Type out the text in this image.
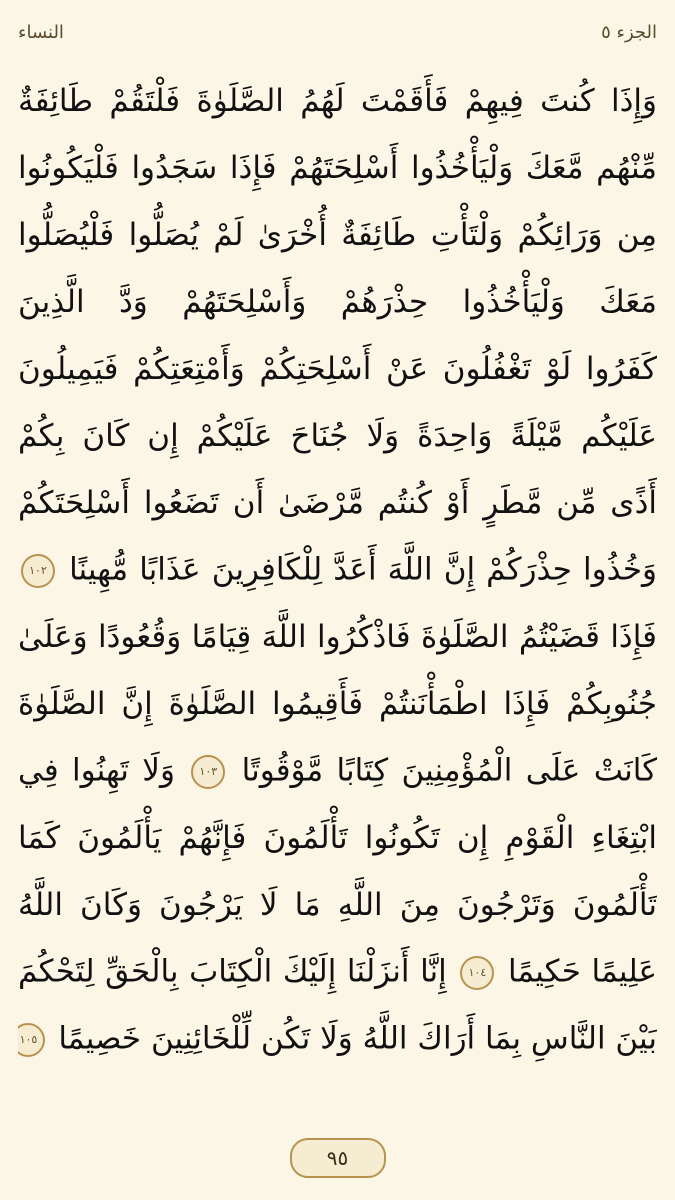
الجزء ٥
النساء
وَإِذَا كُنتَ فِيهِمْ فَأَقَمْتَ لَهُمُ الصَّلَوٰةَ فَلْتَقُمْ طَائِفَةٌ
مِّنْهُم مَّعَكَ وَلْيَأْخُذُوا أَسْلِحَتَهُمْ فَإِذَا سَجَدُوا فَلْيَكُونُوا
مِن وَرَائِكُمْ وَلْتَأْتِ طَائِفَةٌ أُخْرَىٰ لَمْ يُصَلُّوا فَلْيُصَلُّوا
مَعَكَ وَلْيَأْخُذُوا حِذْرَهُمْ وَأَسْلِحَتَهُمْ وَدَّ الَّذِينَ
كَفَرُوا لَوْ تَغْفُلُونَ عَنْ أَسْلِحَتِكُمْ وَأَمْتِعَتِكُمْ فَيَمِيلُونَ
عَلَيْكُم مَّيْلَةً وَاحِدَةً وَلَا جُنَاحَ عَلَيْكُمْ إِن كَانَ بِكُمْ
أَذًى مِّن مَّطَرٍ أَوْ كُنتُم مَّرْضَىٰ أَن تَضَعُوا أَسْلِحَتَكُمْ
وَخُذُوا حِذْرَكُمْ إِنَّ اللَّهَ أَعَدَّ لِلْكَافِرِينَ عَذَابًا مُّهِينًا ١٠٢
فَإِذَا قَضَيْتُمُ الصَّلَوٰةَ فَاذْكُرُوا اللَّهَ قِيَامًا وَقُعُودًا وَعَلَىٰ
جُنُوبِكُمْ فَإِذَا اطْمَأْنَنتُمْ فَأَقِيمُوا الصَّلَوٰةَ إِنَّ الصَّلَوٰةَ
كَانَتْ عَلَى الْمُؤْمِنِينَ كِتَابًا مَّوْقُوتًا ١٠٣ وَلَا تَهِنُوا فِي
ابْتِغَاءِ الْقَوْمِ إِن تَكُونُوا تَأْلَمُونَ فَإِنَّهُمْ يَأْلَمُونَ كَمَا
تَأْلَمُونَ وَتَرْجُونَ مِنَ اللَّهِ مَا لَا يَرْجُونَ وَكَانَ اللَّهُ
عَلِيمًا حَكِيمًا ١٠٤ إِنَّا أَنزَلْنَا إِلَيْكَ الْكِتَابَ بِالْحَقِّ لِتَحْكُمَ
بَيْنَ النَّاسِ بِمَا أَرَاكَ اللَّهُ وَلَا تَكُن لِّلْخَائِنِينَ خَصِيمًا ١٠٥
٩٥
